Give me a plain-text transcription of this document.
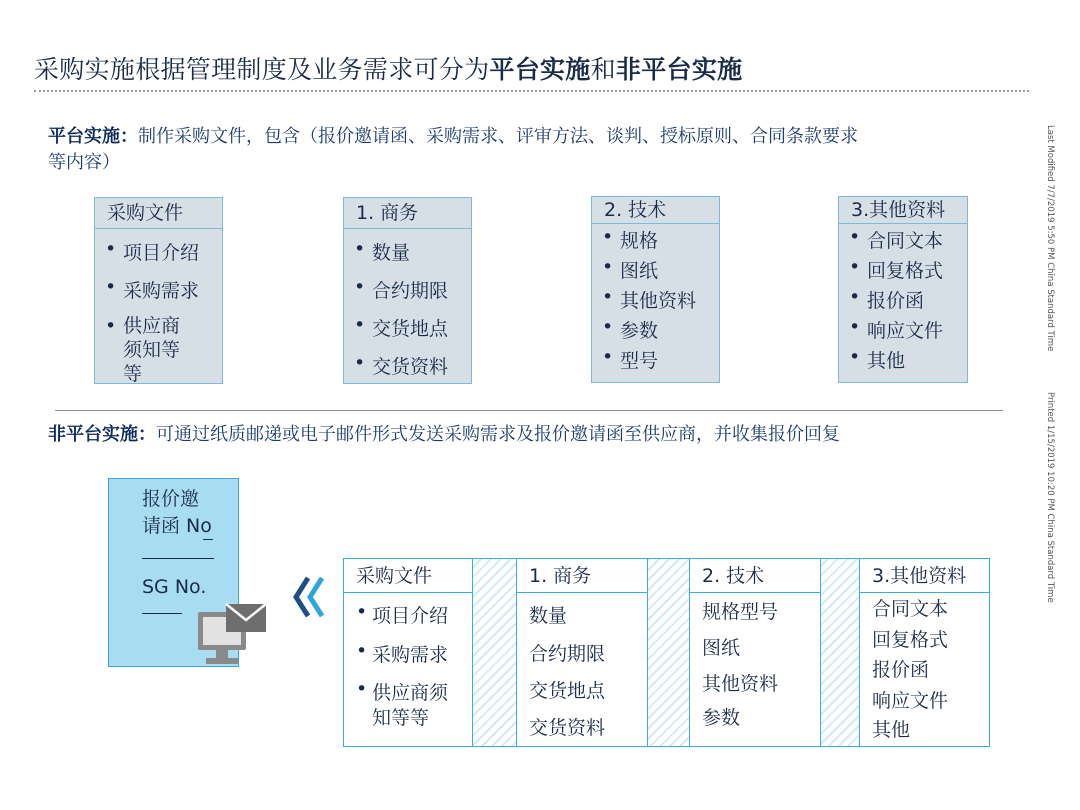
采购实施根据管理制度及业务需求可分为平台实施和非平台实施
平台实施：制作采购文件，包含（报价邀请函、采购需求、评审方法、谈判、授标原则、合同条款要求
等内容）
采购文件
• 项目介绍
• 采购需求
• 供应商须知等等
1. 商务
• 数量
• 合约期限
• 交货地点
• 交货资料
2. 技术
• 规格
• 图纸
• 其他资料
• 参数
• 型号
3.其他资料
• 合同文本
• 回复格式
• 报价函
• 响应文件
• 其他
非平台实施：可通过纸质邮递或电子邮件形式发送采购需求及报价邀请函至供应商，并收集报价回复
报价邀
请函 No
SG No.	采购文件
• 项目介绍
• 采购需求
• 供应商须
知等等
1. 商务
数量
合约期限
交货地点
交货资料
2. 技术
规格型号
图纸
其他资料
参数
3.其他资料
合同文本
回复格式
报价函
响应文件
其他
Last Modified 7/7/2019 5:50 PM China Standard Time
Printed 1/15/2019 10:20 PM China Standard Time
